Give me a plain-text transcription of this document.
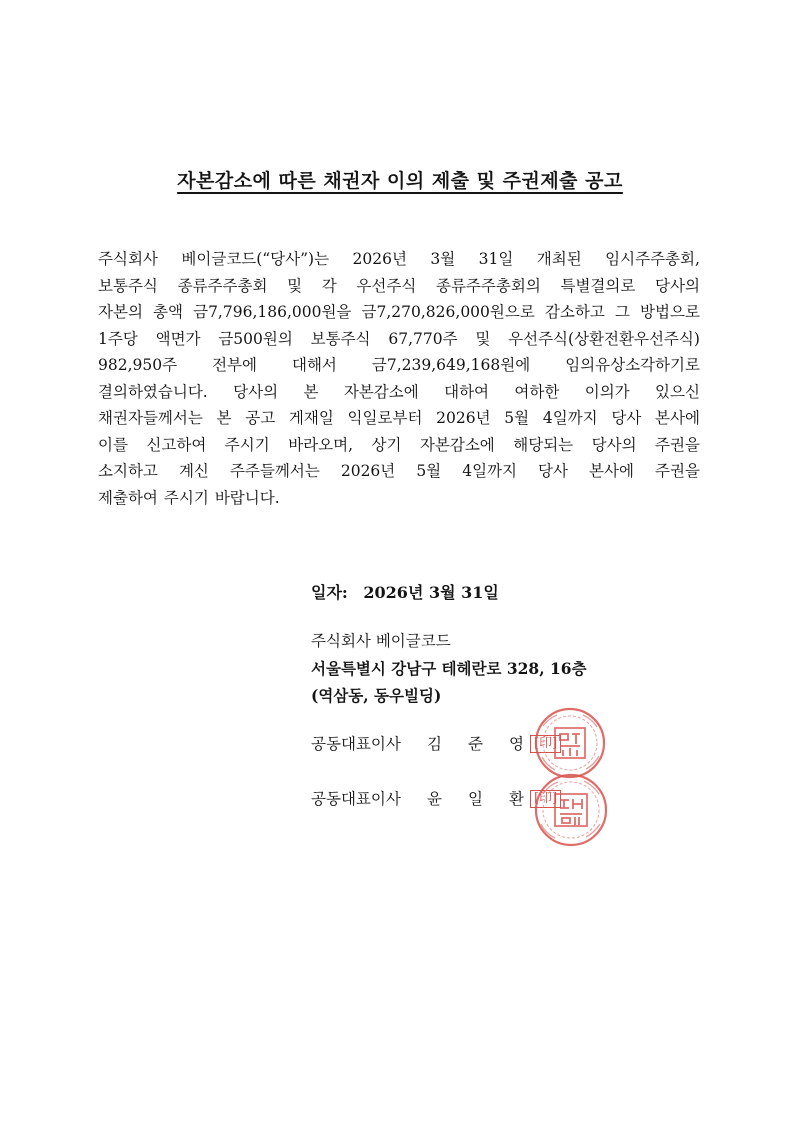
자본감소에 따른 채권자 이의 제출 및 주권제출 공고
주식회사 베이글코드(“당사”)는 2026년 3월 31일 개최된 임시주주총회,
보통주식 종류주주총회 및 각 우선주식 종류주주총회의 특별결의로 당사의
자본의 총액 금7,796,186,000원을 금7,270,826,000원으로 감소하고 그 방법으로
1주당 액면가 금500원의 보통주식 67,770주 및 우선주식(상환전환우선주식)
982,950주 전부에 대해서 금7,239,649,168원에 임의유상소각하기로
결의하였습니다. 당사의 본 자본감소에 대하여 여하한 이의가 있으신
채권자들께서는 본 공고 게재일 익일로부터 2026년 5월 4일까지 당사 본사에
이를 신고하여 주시기 바라오며, 상기 자본감소에 해당되는 당사의 주권을
소지하고 계신 주주들께서는 2026년 5월 4일까지 당사 본사에 주권을
제출하여 주시기 바랍니다.
일자: 2026년 3월 31일
주식회사 베이글코드
서울특별시 강남구 테헤란로 328, 16층
(역삼동, 동우빌딩)
공동대표이사	김	준	영 [印]
공동대표이사	윤	일	환 [印]
